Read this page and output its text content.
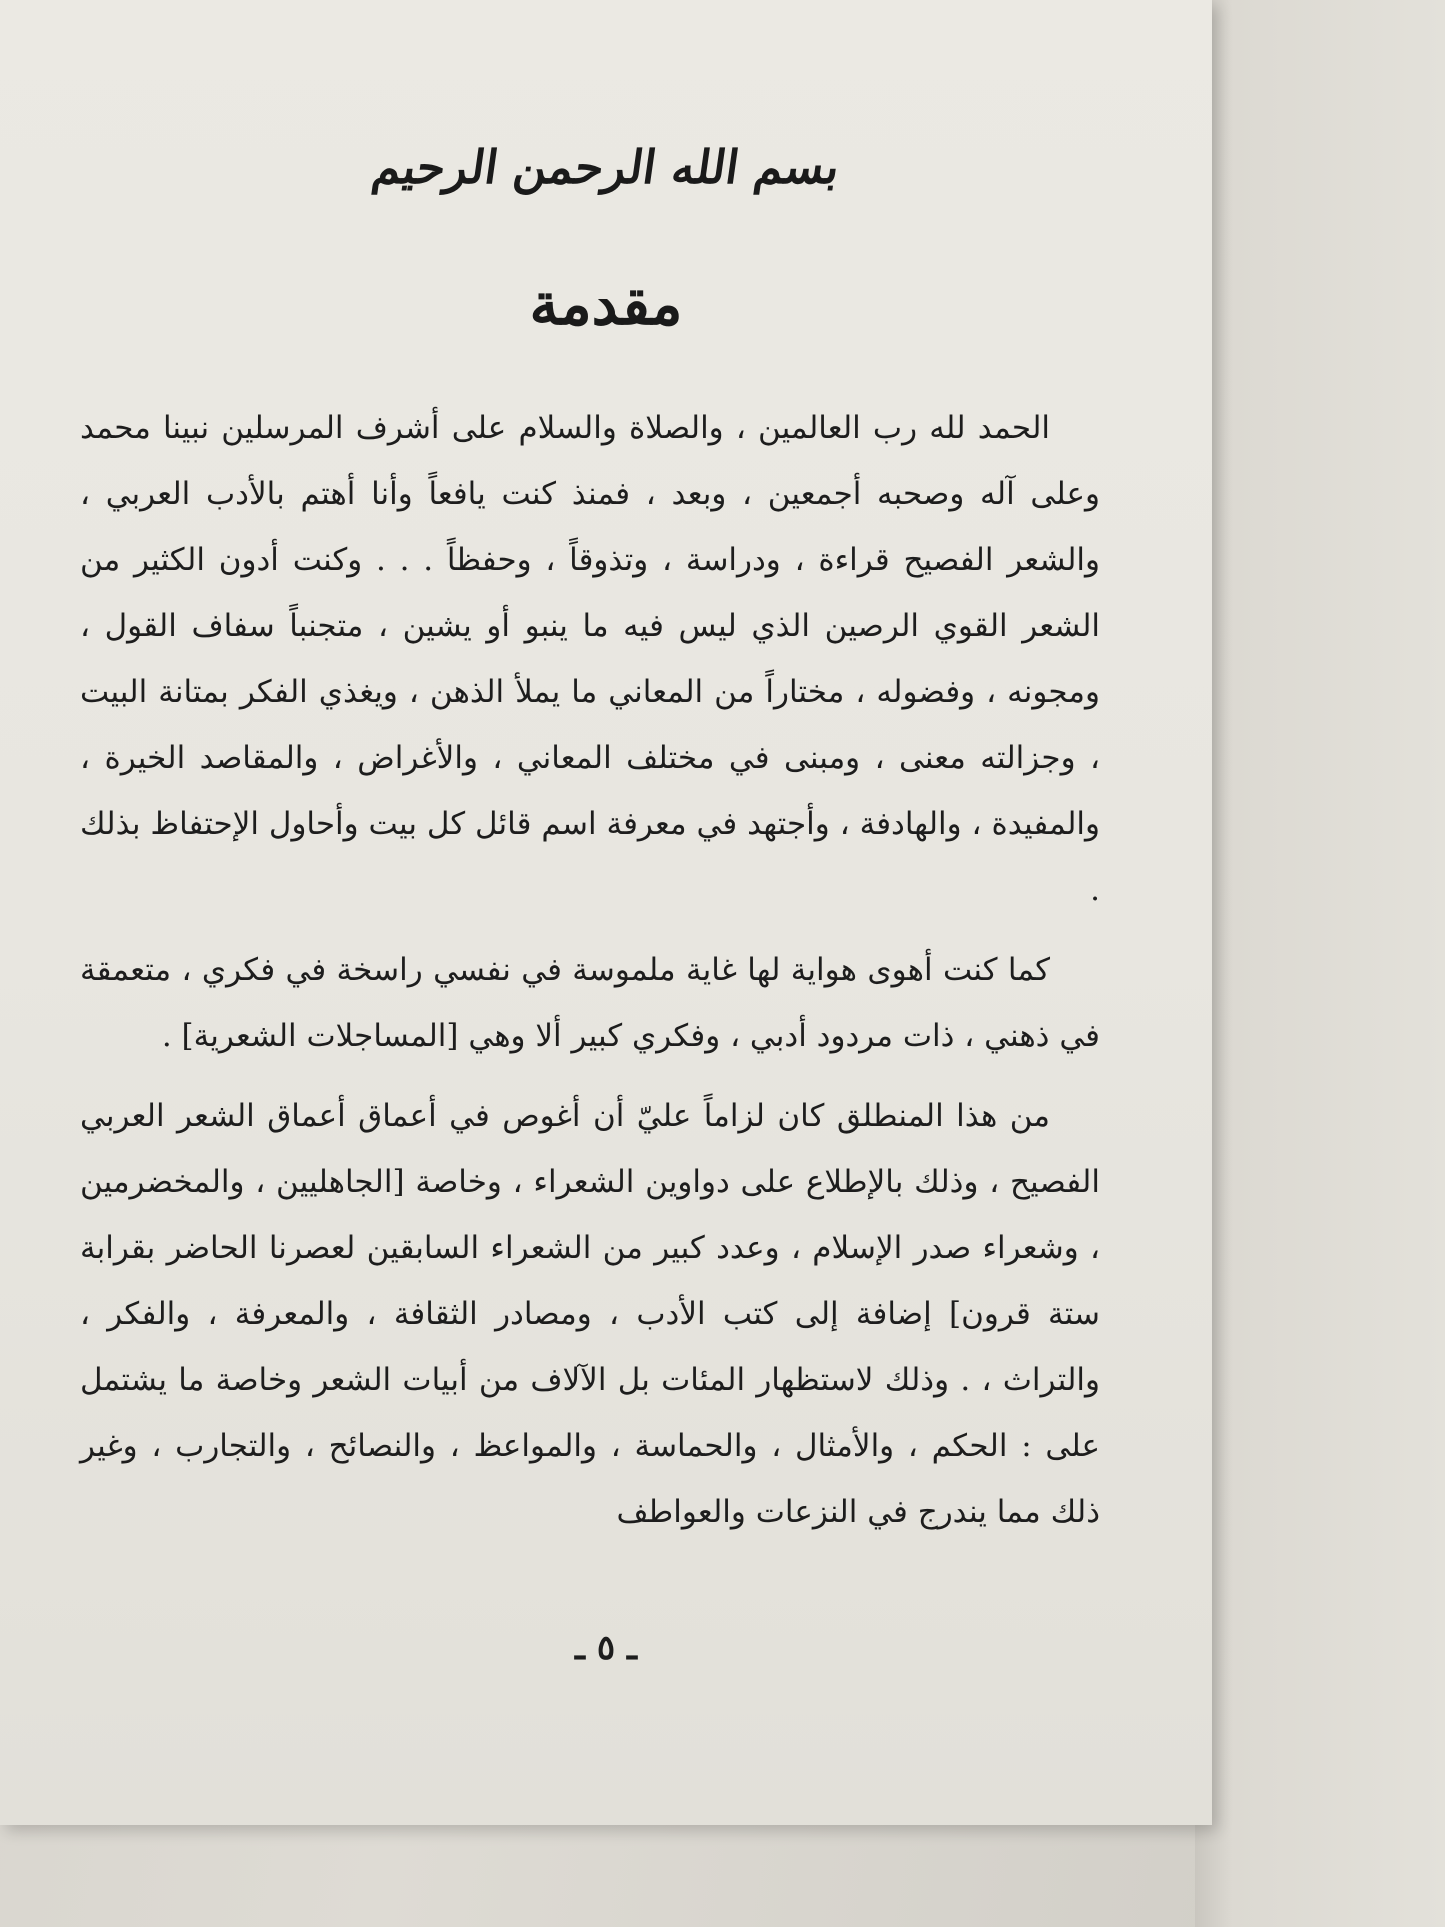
بسم الله الرحمن الرحيم
مقدمة

الحمد لله رب العالمين ، والصلاة والسلام على أشرف المرسلين نبينا محمد وعلى آله وصحبه أجمعين ، وبعد ، فمنذ كنت يافعاً وأنا أهتم بالأدب العربي ، والشعر الفصيح قراءة ، ودراسة ، وتذوقاً ، وحفظاً . . . وكنت أدون الكثير من الشعر القوي الرصين الذي ليس فيه ما ينبو أو يشين ، متجنباً سفاف القول ، ومجونه ، وفضوله ، مختاراً من المعاني ما يملأ الذهن ، ويغذي الفكر بمتانة البيت ، وجزالته معنى ، ومبنى في مختلف المعاني ، والأغراض ، والمقاصد الخيرة ، والمفيدة ، والهادفة ، وأجتهد في معرفة اسم قائل كل بيت وأحاول الإحتفاظ بذلك .

كما كنت أهوى هواية لها غاية ملموسة في نفسي راسخة في فكري ، متعمقة في ذهني ، ذات مردود أدبي ، وفكري كبير ألا وهي [المساجلات الشعرية] .

من هذا المنطلق كان لزاماً عليّ أن أغوص في أعماق أعماق الشعر العربي الفصيح ، وذلك بالإطلاع على دواوين الشعراء ، وخاصة [الجاهليين ، والمخضرمين ، وشعراء صدر الإسلام ، وعدد كبير من الشعراء السابقين لعصرنا الحاضر بقرابة ستة قرون] إضافة إلى كتب الأدب ، ومصادر الثقافة ، والمعرفة ، والفكر ، والتراث ، . وذلك لاستظهار المئات بل الآلاف من أبيات الشعر وخاصة ما يشتمل على : الحكم ، والأمثال ، والحماسة ، والمواعظ ، والنصائح ، والتجارب ، وغير ذلك مما يندرج في النزعات والعواطف

ـ ٥ ـ
